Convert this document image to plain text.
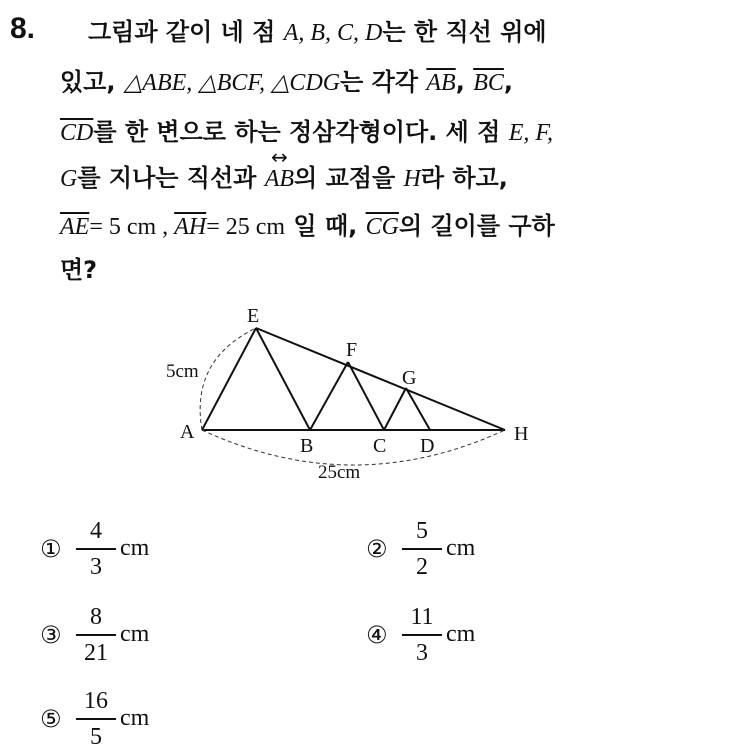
8. 그림과 같이 네 점 A, B, C, D는 한 직선 위에
있고, △ABE, △BCF, △CDG는 각각 $\overline{AB}$, $\overline{BC}$,
$\overline{CD}$를 한 변으로 하는 정삼각형이다. 세 점 E, F,
G를 지나는 직선과 ↔ AB의 교점을 H라 하고,
$\overline{AE}= 5$ cm , $\overline{AH}= 25$ cm 일 때, $\overline{CG}$의 길이를 구하
면?
E
F
G
A
B	C D
H
5cm
25cm
①
4
3
cm	②
5
2
cm
③
8
21
cm	④
11
3
cm
⑤
16
5
cm
